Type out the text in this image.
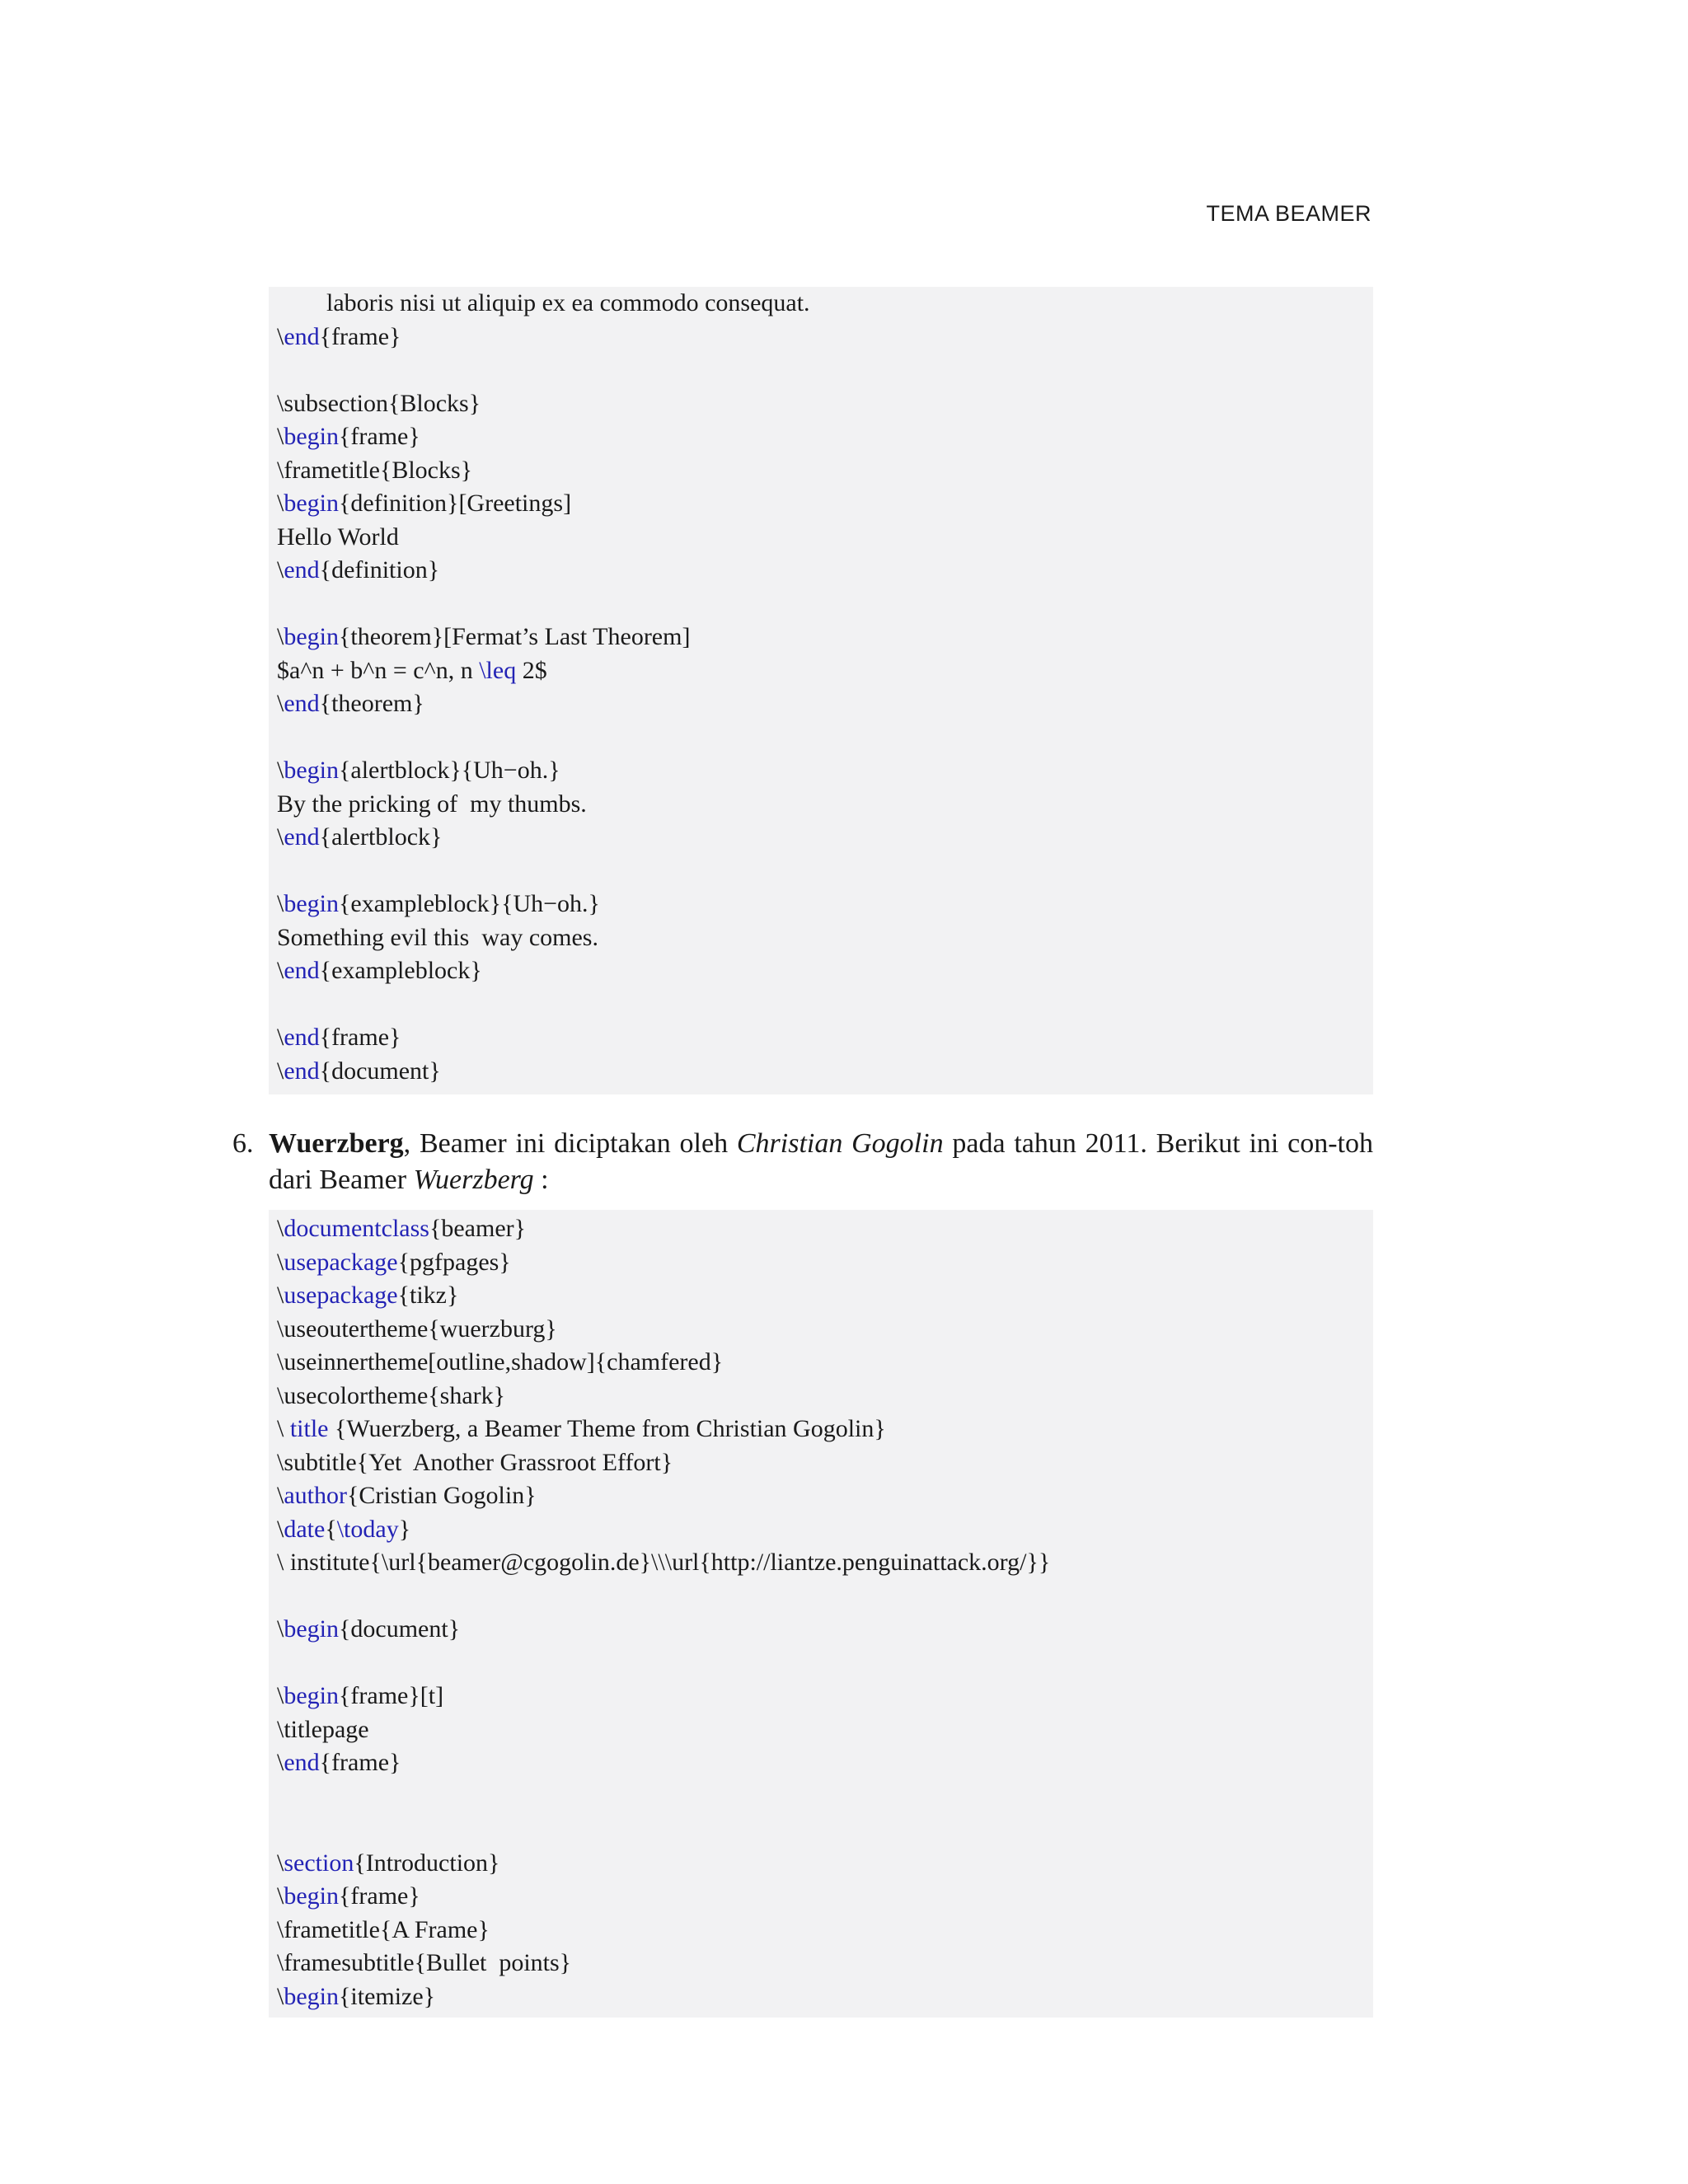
TEMA BEAMER
laboris nisi ut aliquip ex ea commodo consequat.
\end{frame}
\subsection{Blocks}
\begin{frame}
\frametitle{Blocks}
\begin{definition}[Greetings]
Hello World
\end{definition}
\begin{theorem}[Fermat’s Last Theorem]
$a^n + b^n = c^n, n \leq 2$
\end{theorem}
\begin{alertblock}{Uh−oh.}
By the pricking of  my thumbs.
\end{alertblock}
\begin{exampleblock}{Uh−oh.}
Something evil this  way comes.
\end{exampleblock}
\end{frame}
\end{document}
6. Wuerzberg, Beamer ini diciptakan oleh Christian Gogolin pada tahun 2011. Berikut ini con-toh dari Beamer Wuerzberg :
\documentclass{beamer}
\usepackage{pgfpages}
\usepackage{tikz}
\useoutertheme{wuerzburg}
\useinnertheme[outline,shadow]{chamfered}
\usecolortheme{shark}
\ title {Wuerzberg, a Beamer Theme from Christian Gogolin}
\subtitle{Yet  Another Grassroot Effort}
\author{Cristian Gogolin}
\date{\today}
\ institute{\url{beamer@cgogolin.de}\\\url{http://liantze.penguinattack.org/}}
\begin{document}
\begin{frame}[t]
\titlepage
\end{frame}
\section{Introduction}
\begin{frame}
\frametitle{A Frame}
\framesubtitle{Bullet  points}
\begin{itemize}
